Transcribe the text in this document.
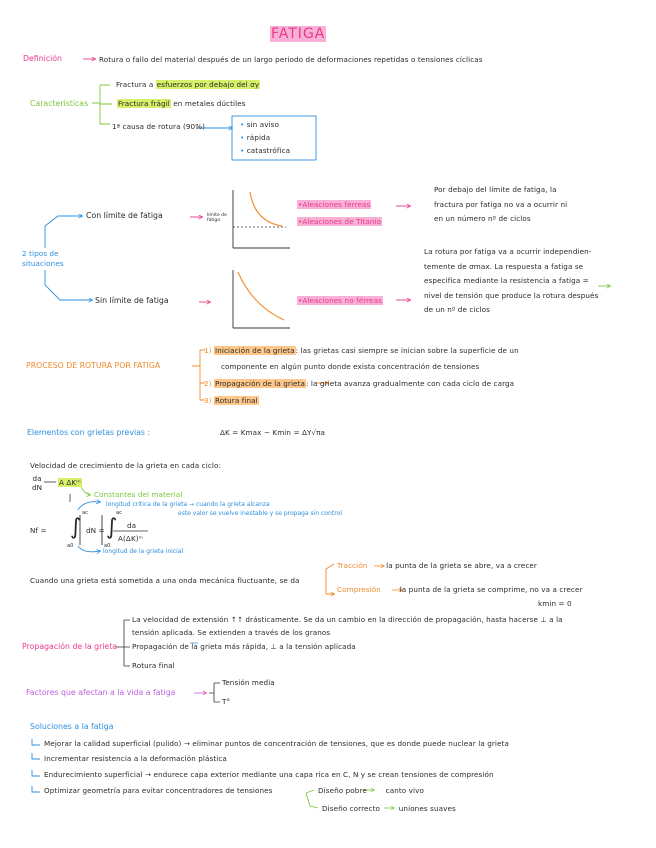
FATIGA
Definición	Rotura o fallo del material después de un largo periodo de deformaciones repetidas o tensiones cíclicas
Características
Fractura a esfuerzos por debajo del σy
Fractura frágil en metales dúctiles
1ª causa de rotura (90%)	• sin aviso
• rápida
• catastrófica
2 tipos de
situaciones
Con límite de fatiga	límite de
fatiga
•Aleaciones férreas
•Aleaciones de Titanio
Por debajo del límite de fatiga, la
fractura por fatiga no va a ocurrir ni
en un número nº de ciclos
Sin límite de fatiga	•Aleaciones no férreas
La rotura por fatiga va a ocurrir independien-
temente de σmax. La respuesta a fatiga se
especifica mediante la resistencia a fatiga =
nivel de tensión que produce la rotura después
de un nº de ciclos
PROCESO DE ROTURA POR FATIGA
1) Iniciación de la grieta: las grietas casi siempre se inician sobre la superficie de un
componente en algún punto donde exista concentración de tensiones
2) Propagación de la grieta: la grieta avanza gradualmente con cada ciclo de carga
3) Rotura final
Elementos con grietas previas :	ΔK = Kmax − Kmin = ΔY√πa
Velocidad de crecimiento de la grieta en cada ciclo:
da
dN
A ΔKᵐ
Constantes del material
longitud crítica de la grieta → cuando la grieta alcanza
este valor se vuelve inestable y se propaga sin control
Nf =
ac
a0
∫ dN =
ac
a0
∫ da
A(ΔK)ᵐ
longitud de la grieta inicial
Cuando una grieta está sometida a una onda mecánica fluctuante, se da
Tracción	la punta de la grieta se abre, va a crecer
Compresión	la punta de la grieta se comprime, no va a crecer
kmin = 0
Propagación de la grieta
La velocidad de extensión ↑↑ drásticamente. Se da un cambio en la dirección de propagación, hasta hacerse ⊥ a la
tensión aplicada. Se extienden a través de los granos
Propagación de la grieta más rápida, ⊥ a la tensión aplicada
Rotura final
Factores que afectan a la vida a fatiga
Tensión media
T°
Soluciones a la fatiga
Mejorar la calidad superficial (pulido) → eliminar puntos de concentración de tensiones, que es donde puede nuclear la grieta
Incrementar resistencia a la deformación plástica
Endurecimiento superficial → endurece capa exterior mediante una capa rica en C, N y se crean tensiones de compresión
Optimizar geometría para evitar concentradores de tensiones	Diseño pobre	canto vivo
Diseño correcto	uniones suaves
